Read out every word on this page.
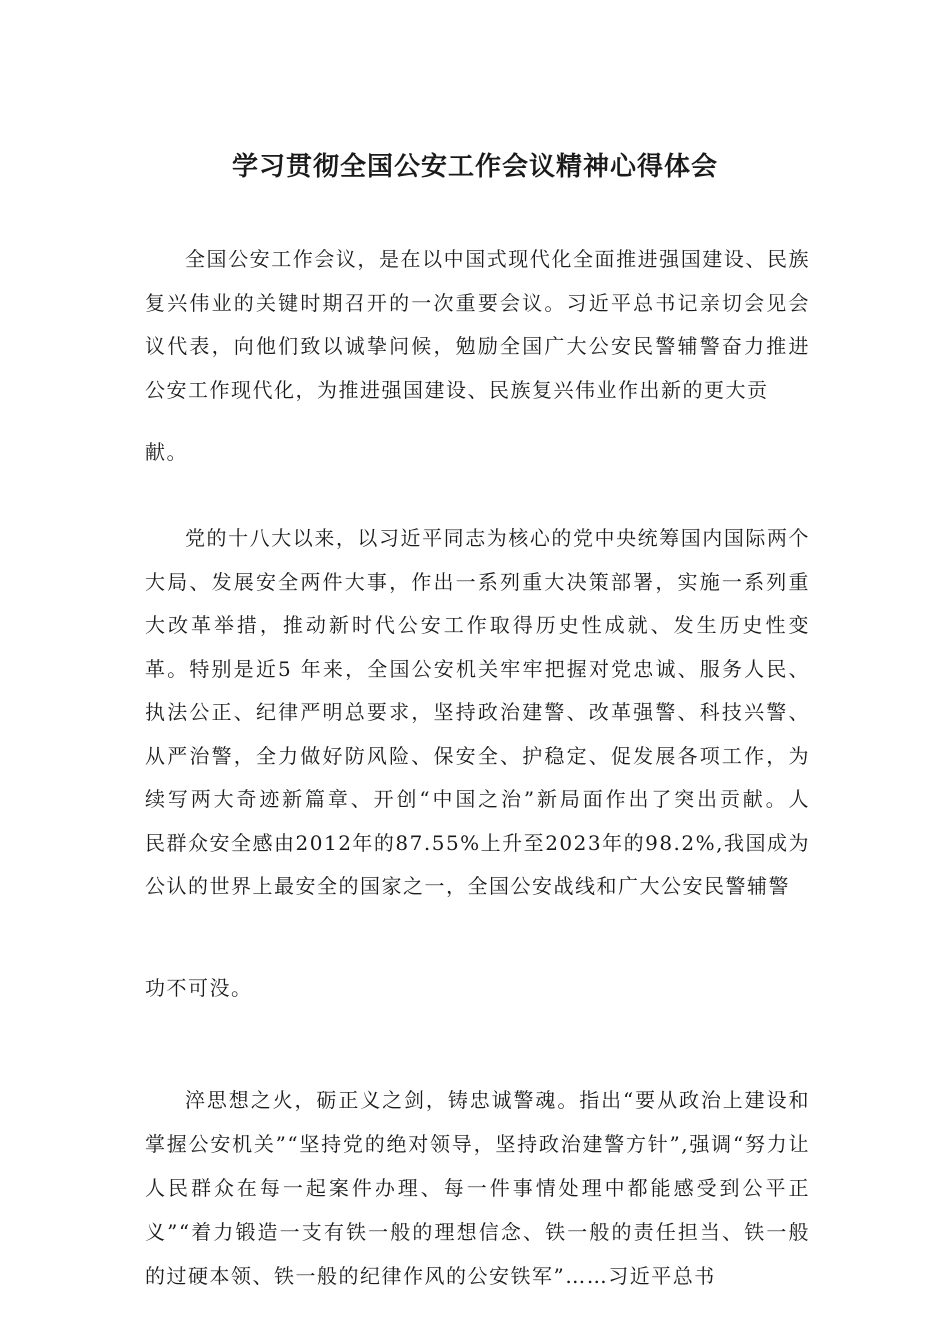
学习贯彻全国公安工作会议精神心得体会

全国公安工作会议，是在以中国式现代化全面推进强国建设、民族复兴伟业的关键时期召开的一次重要会议。习近平总书记亲切会见会议代表，向他们致以诚挚问候，勉励全国广大公安民警辅警奋力推进公安工作现代化，为推进强国建设、民族复兴伟业作出新的更大贡

献。

党的十八大以来，以习近平同志为核心的党中央统筹国内国际两个大局、发展安全两件大事，作出一系列重大决策部署，实施一系列重大改革举措，推动新时代公安工作取得历史性成就、发生历史性变革。特别是近5 年来，全国公安机关牢牢把握对党忠诚、服务人民、 执法公正、纪律严明总要求，坚持政治建警、改革强警、科技兴警、 从严治警，全力做好防风险、保安全、护稳定、促发展各项工作，为 续写两大奇迹新篇章、开创“中国之治”新局面作出了突出贡献。人　民群众安全感由2012年的87.55%上升至2023年的98.2%,我国成为 公认的世界上最安全的国家之一，全国公安战线和广大公安民警辅警

功不可没。

淬思想之火，砺正义之剑，铸忠诚警魂。指出“要从政治上建设和掌握公安机关”“坚持党的绝对领导，坚持政治建警方针”,强调“努力让人民群众在每一起案件办理、每一件事情处理中都能感受到公平正义”“着力锻造一支有铁一般的理想信念、铁一般的责任担当、铁一般的过硬本领、铁一般的纪律作风的公安铁军”……习近平总书
